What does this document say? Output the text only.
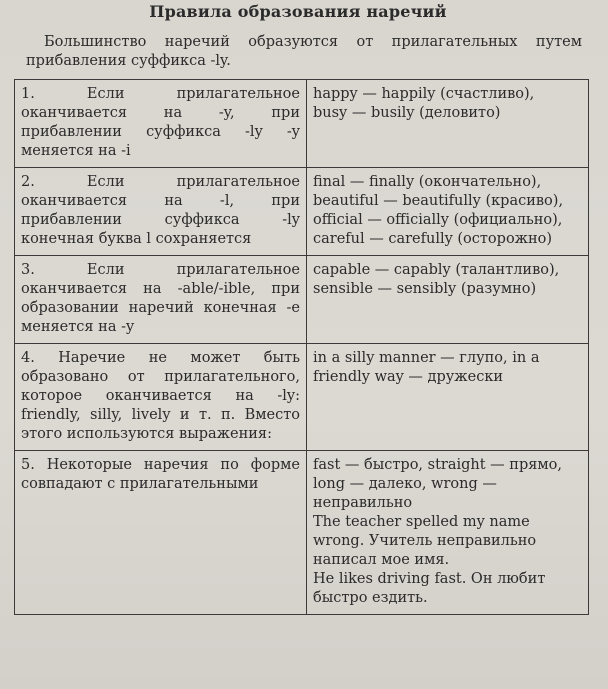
Правила образования наречий
Большинство наречий образуются от прилагательных путем прибавления суффикса -ly.
1. Если прилагательное оканчивается на -y, при прибавлении суффикса -ly -y меняется на -i	happy — happily (счастливо),
busy — busily (деловито)

2. Если прилагательное оканчивается на -l, при прибавлении суффикса -ly конечная буква l сохраняется	final — finally (окончательно), beautiful — beautifully (красиво), official — officially (официально), careful — carefully (осторожно)

3. Если прилагательное оканчивается на -able/-ible, при образовании наречий конечная -e меняется на -y	capable — capably (талантливо), sensible — sensibly (разумно)

4. Наречие не может быть образовано от прилагательного, которое оканчивается на -ly: friendly, silly, lively и т. п. Вместо этого используются выражения:	in a silly manner — глупо, in a friendly way — дружески

5. Некоторые наречия по форме совпадают с прилагательными	fast — быстро, straight — прямо, long — далеко, wrong — неправильно
The teacher spelled my name wrong. Учитель неправильно написал мое имя.
He likes driving fast. Он любит быстро ездить.
